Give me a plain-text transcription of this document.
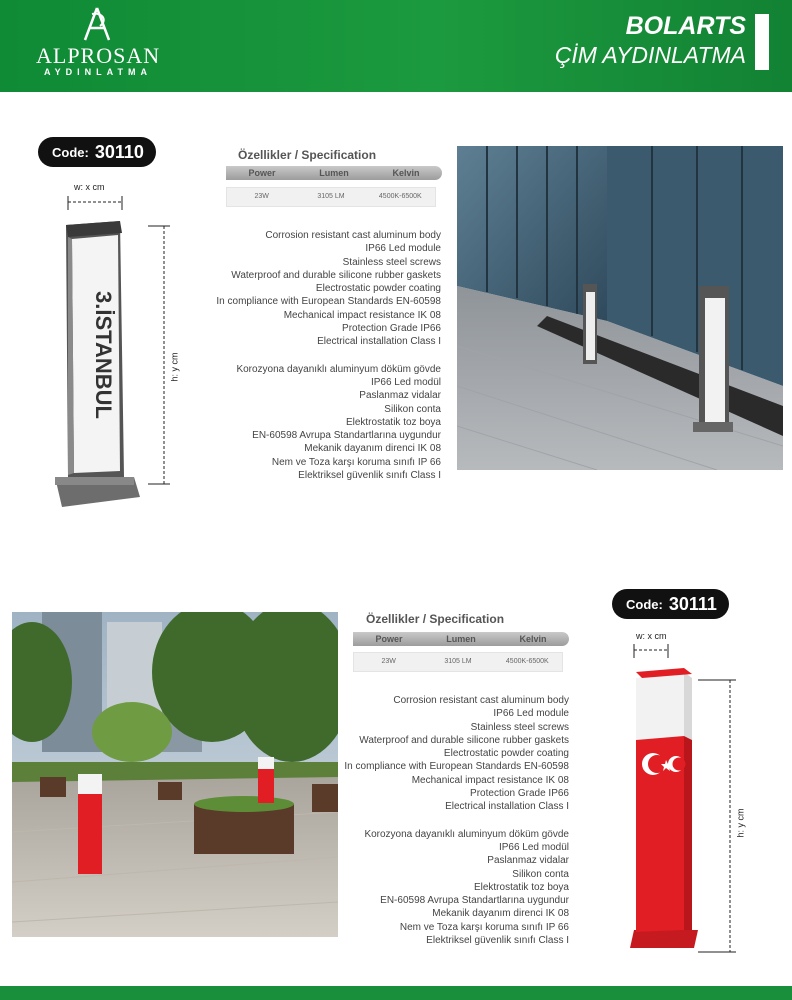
ALPROSAN
AYDINLATMA
BOLARTS
ÇİM AYDINLATMA
Code: 30110
w: x cm
h: y cm
3.İSTANBUL
Özellikler / Specification
Power	Lumen	Kelvin
23W	3105 LM	4500K-6500K
Corrosion resistant cast aluminum body
IP66 Led module
Stainless steel screws
Waterproof and durable silicone rubber gaskets
Electrostatic powder coating
In compliance with European Standards EN-60598
Mechanical impact resistance IK 08
Protection Grade IP66
Electrical installation Class I
Korozyona dayanıklı aluminyum döküm gövde
IP66 Led modül
Paslanmaz vidalar
Silikon conta
Elektrostatik toz boya
EN-60598 Avrupa Standartlarına uygundur
Mekanik dayanım direnci IK 08
Nem ve Toza karşı koruma sınıfı IP 66
Elektriksel güvenlik sınıfı Class I
Code: 30111
Özellikler / Specification
Power	Lumen	Kelvin
23W	3105 LM	4500K-6500K
Corrosion resistant cast aluminum body
IP66 Led module
Stainless steel screws
Waterproof and durable silicone rubber gaskets
Electrostatic powder coating
In compliance with European Standards EN-60598
Mechanical impact resistance IK 08
Protection Grade IP66
Electrical installation Class I
Korozyona dayanıklı aluminyum döküm gövde
IP66 Led modül
Paslanmaz vidalar
Silikon conta
Elektrostatik toz boya
EN-60598 Avrupa Standartlarına uygundur
Mekanik dayanım direnci IK 08
Nem ve Toza karşı koruma sınıfı IP 66
Elektriksel güvenlik sınıfı Class I
w: x cm
h: y cm
